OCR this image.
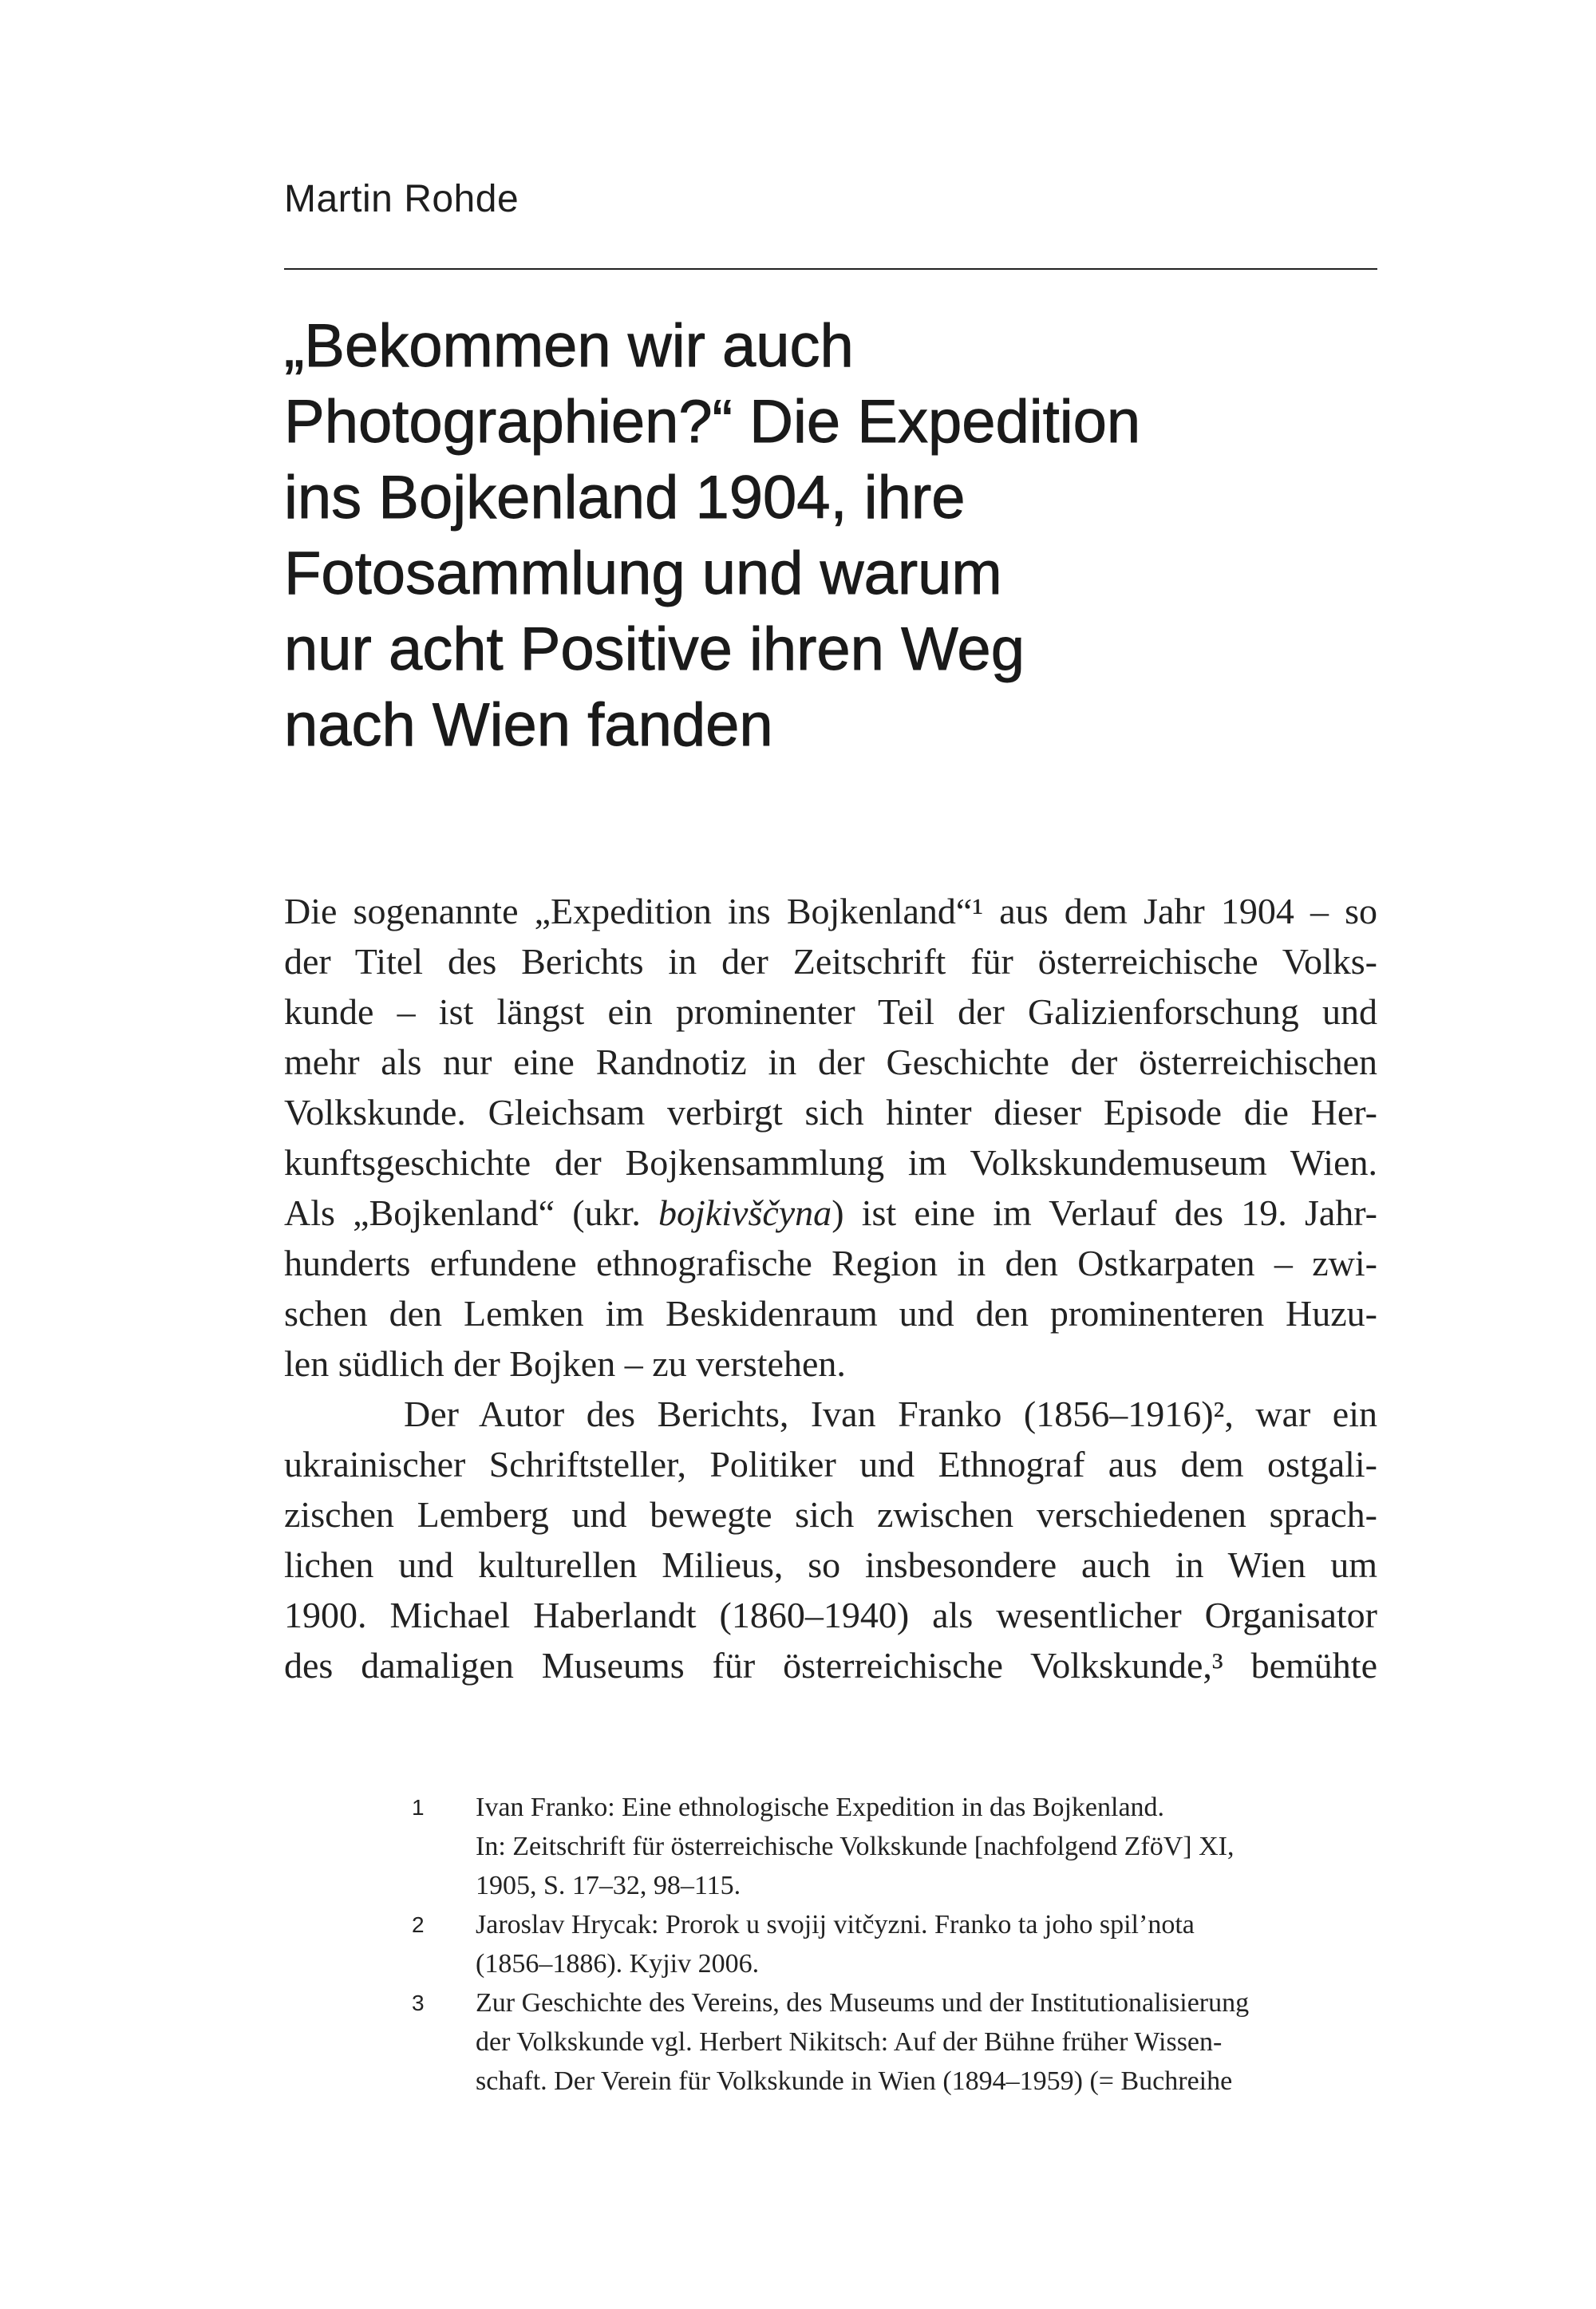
Martin Rohde
„Bekommen wir auch
Photographien?“ Die Expedition
ins Bojkenland 1904, ihre
Fotosammlung und warum
nur acht Positive ihren Weg
nach Wien fanden
Die sogenannte „Expedition ins Bojkenland“¹ aus dem Jahr 1904 – so
der Titel des Berichts in der Zeitschrift für österreichische Volks-
kunde – ist längst ein prominenter Teil der Galizienforschung und
mehr als nur eine Randnotiz in der Geschichte der österreichischen
Volkskunde. Gleichsam verbirgt sich hinter dieser Episode die Her-
kunftsgeschichte der Bojkensammlung im Volkskundemuseum Wien.
Als „Bojkenland“ (ukr. bojkivščyna) ist eine im Verlauf des 19. Jahr-
hunderts erfundene ethnografische Region in den Ostkarpaten – zwi-
schen den Lemken im Beskidenraum und den prominenteren Huzu-
len südlich der Bojken – zu verstehen.
Der Autor des Berichts, Ivan Franko (1856–1916)², war ein
ukrainischer Schriftsteller, Politiker und Ethnograf aus dem ostgali-
zischen Lemberg und bewegte sich zwischen verschiedenen sprach-
lichen und kulturellen Milieus, so insbesondere auch in Wien um
1900. Michael Haberlandt (1860–1940) als wesentlicher Organisator
des damaligen Museums für österreichische Volkskunde,³ bemühte
1 Ivan Franko: Eine ethnologische Expedition in das Bojkenland.
In: Zeitschrift für österreichische Volkskunde [nachfolgend ZföV] XI,
1905, S. 17–32, 98–115.
2 Jaroslav Hrycak: Prorok u svojij vitčyzni. Franko ta joho spil’nota
(1856–1886). Kyjiv 2006.
3 Zur Geschichte des Vereins, des Museums und der Institutionalisierung
der Volkskunde vgl. Herbert Nikitsch: Auf der Bühne früher Wissen-
schaft. Der Verein für Volkskunde in Wien (1894–1959) (= Buchreihe
